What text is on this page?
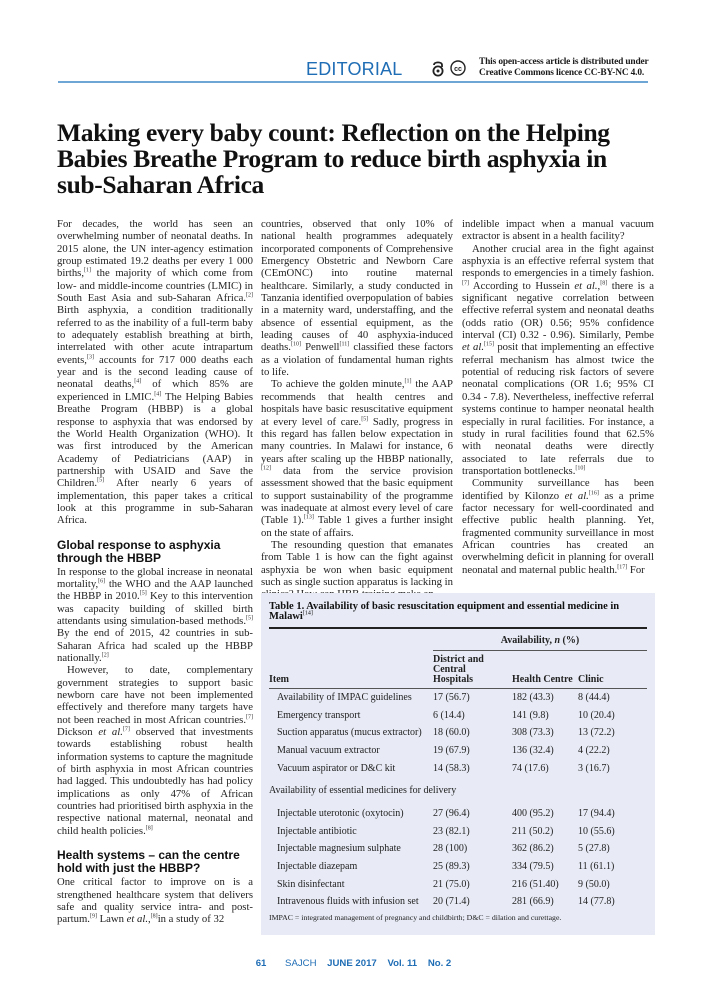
EDITORIAL	cc
This open-access article is distributed under
Creative Commons licence CC-BY-NC 4.0.
Making every baby count: Reflection on the Helping Babies Breathe Program to reduce birth asphyxia in sub-Saharan Africa

For decades, the world has seen an overwhelming number of neonatal deaths. In 2015 alone, the UN inter-agency estimation group estimated 19.2 deaths per every 1 000 births,[1] the majority of which come from low- and middle-income countries (LMIC) in South East Asia and sub-Saharan Africa.[2] Birth asphyxia, a condition traditionally referred to as the inability of a full-term baby to adequately establish breathing at birth, interrelated with other acute intrapartum events,[3] accounts for 717 000 deaths each year and is the second leading cause of neonatal deaths,[4] of which 85% are experienced in LMIC.[4] The Helping Babies Breathe Program (HBBP) is a global response to asphyxia that was endorsed by the World Health Organization (WHO). It was first introduced by the American Academy of Pediatricians (AAP) in partnership with USAID and Save the Children.[5] After nearly 6 years of implementation, this paper takes a critical look at this programme in sub-Saharan Africa.

Global response to asphyxia through the HBBP

In response to the global increase in neonatal mortality,[6] the WHO and the AAP launched the HBBP in 2010.[5] Key to this intervention was capacity building of skilled birth attendants using simulation-based methods.[5] By the end of 2015, 42 countries in sub-Saharan Africa had scaled up the HBBP nationally.[2]

However, to date, complementary government strategies to support basic newborn care have not been implemented effectively and therefore many targets have not been reached in most African countries.[7] Dickson et al.[7] observed that investments towards establishing robust health information systems to capture the magnitude of birth asphyxia in most African countries had lagged. This undoubtedly has had policy implications as only 47% of African countries had prioritised birth asphyxia in the respective national maternal, neonatal and child health policies.[8]

Health systems – can the centre hold with just the HBBP?

One critical factor to improve on is a strengthened healthcare system that delivers safe and quality service intra- and post-partum.[9] Lawn et al.,[8]in a study of 32

countries, observed that only 10% of national health programmes adequately incorporated components of Comprehensive Emergency Obstetric and Newborn Care (CEmONC) into routine maternal healthcare. Similarly, a study conducted in Tanzania identified overpopulation of babies in a maternity ward, understaffing, and the absence of essential equipment, as the leading causes of 40 asphyxia-induced deaths.[10] Penwell[11] classified these factors as a violation of fundamental human rights to life.

To achieve the golden minute,[1] the AAP recommends that health centres and hospitals have basic resuscitative equipment at every level of care.[5] Sadly, progress in this regard has fallen below expectation in many countries. In Malawi for instance, 6 years after scaling up the HBBP nationally,[12] data from the service provision assessment showed that the basic equipment to support sustainability of the programme was inadequate at almost every level of care (Table 1).[13] Table 1 gives a further insight on the state of affairs.

The resounding question that emanates from Table 1 is how can the fight against asphyxia be won when basic equipment such as single suction apparatus is lacking in

indelible impact when a manual vacuum extractor is absent in a health facility?

Another crucial area in the fight against asphyxia is an effective referral system that responds to emergencies in a timely fashion.[7] According to Hussein et al.,[8] there is a significant negative correlation between effective referral system and neonatal deaths (odds ratio (OR) 0.56; 95% confidence interval (CI) 0.32 - 0.96). Similarly, Pembe et al.[15] posit that implementing an effective referral mechanism has almost twice the potential of reducing risk factors of severe neonatal complications (OR 1.6; 95% CI 0.34 - 7.8). Nevertheless, ineffective referral systems continue to hamper neonatal health especially in rural facilities. For instance, a study in rural facilities found that 62.5% with neonatal deaths were directly associated to late referrals due to transportation bottlenecks.[10]

Community surveillance has been identified by Kilonzo et al.[16] as a prime factor necessary for well-coordinated and effective public health planning. Yet, fragmented community surveillance in most African countries has created an overwhelming deficit in planning for overall neonatal and maternal public health.[17] For

Table 1. Availability of basic resuscitation equipment and essential medicine in Malawi[14]
	Availability, n (%)		

Item	District and Central Hospitals	Health Centre	Clinic

Availability of IMPAC guidelines	17 (56.7)	182 (43.3)	8 (44.4)
Emergency transport	6 (14.4)	141 (9.8)	10 (20.4)
Suction apparatus (mucus extractor)	18 (60.0)	308 (73.3)	13 (72.2)
Manual vacuum extractor	19 (67.9)	136 (32.4)	4 (22.2)
Vacuum aspirator or D&C kit	14 (58.3)	74 (17.6)	3 (16.7)
Availability of essential medicines for delivery			
Injectable uterotonic (oxytocin)	27 (96.4)	400 (95.2)	17 (94.4)
Injectable antibiotic	23 (82.1)	211 (50.2)	10 (55.6)
Injectable magnesium sulphate	28 (100)	362 (86.2)	5 (27.8)
Injectable diazepam	25 (89.3)	334 (79.5)	11 (61.1)
Skin disinfectant	21 (75.0)	216 (51.40)	9 (50.0)
Intravenous fluids with infusion set	20 (71.4)	281 (66.9)	14 (77.8)
IMPAC = integrated management of pregnancy and childbirth; D&C = dilation and curettage.
61 SAJCH JUNE 2017 Vol. 11 No. 2
